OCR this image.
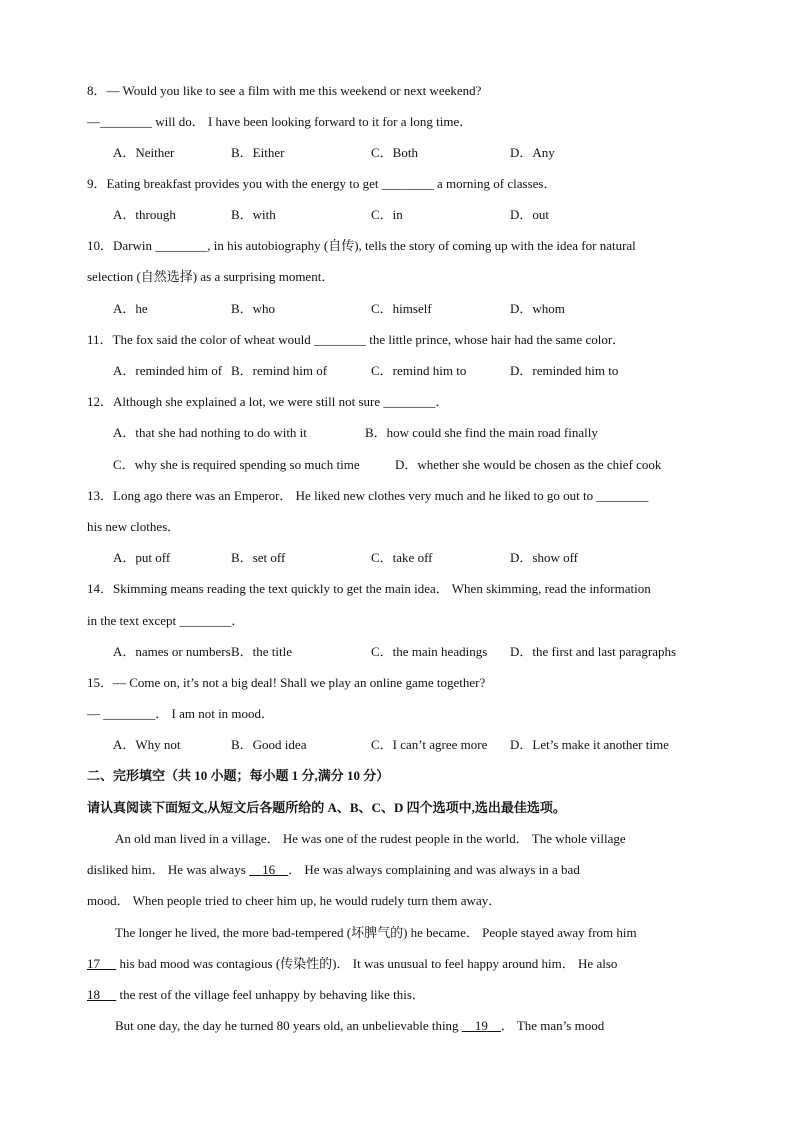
8．— Would you like to see a film with me this weekend or next weekend?
—________ will do． I have been looking forward to it for a long time．
A．Neither	B．Either	C．Both	D．Any
9．Eating breakfast provides you with the energy to get ________ a morning of classes．
A．through	B．with	C．in	D．out
10．Darwin ________, in his autobiography (自传), tells the story of coming up with the idea for natural
selection (自然选择) as a surprising moment．
A．he	B．who	C．himself	D．whom
11．The fox said the color of wheat would ________ the little prince, whose hair had the same color．
A．reminded him of B．remind him of	C．remind him to	D．reminded him to
12．Although she explained a lot, we were still not sure ________．
A．that she had nothing to do with it	B．how could she find the main road finally
C．why she is required spending so much time	D．whether she would be chosen as the chief cook
13．Long ago there was an Emperor． He liked new clothes very much and he liked to go out to ________
his new clothes．
A．put off	B．set off	C．take off	D．show off
14．Skimming means reading the text quickly to get the main idea． When skimming, read the information
in the text except ________．
A．names or numbersB．the title	C．the main headings D．the first and last paragraphs
15．— Come on, it’s not a big deal! Shall we play an online game together?
— ________． I am not in mood．
A．Why not	B．Good idea	C．I can’t agree more D．Let’s make it another time
二、完形填空（共 10 小题；每小题 1 分,满分 10 分）
请认真阅读下面短文,从短文后各题所给的 A、B、C、D 四个选项中,选出最佳选项。
An old man lived in a village． He was one of the rudest people in the world． The whole village
disliked him． He was always     16 ． He was always complaining and was always in a bad
mood． When people tried to cheer him up, he would rudely turn them away．
The longer he lived, the more bad-tempered (坏脾气的) he became． People stayed away from him
17      his bad mood was contagious (传染性的)． It was unusual to feel happy around him． He also
18      the rest of the village feel unhappy by behaving like this．
But one day, the day he turned 80 years old, an unbelievable thing     19 ． The man’s mood
